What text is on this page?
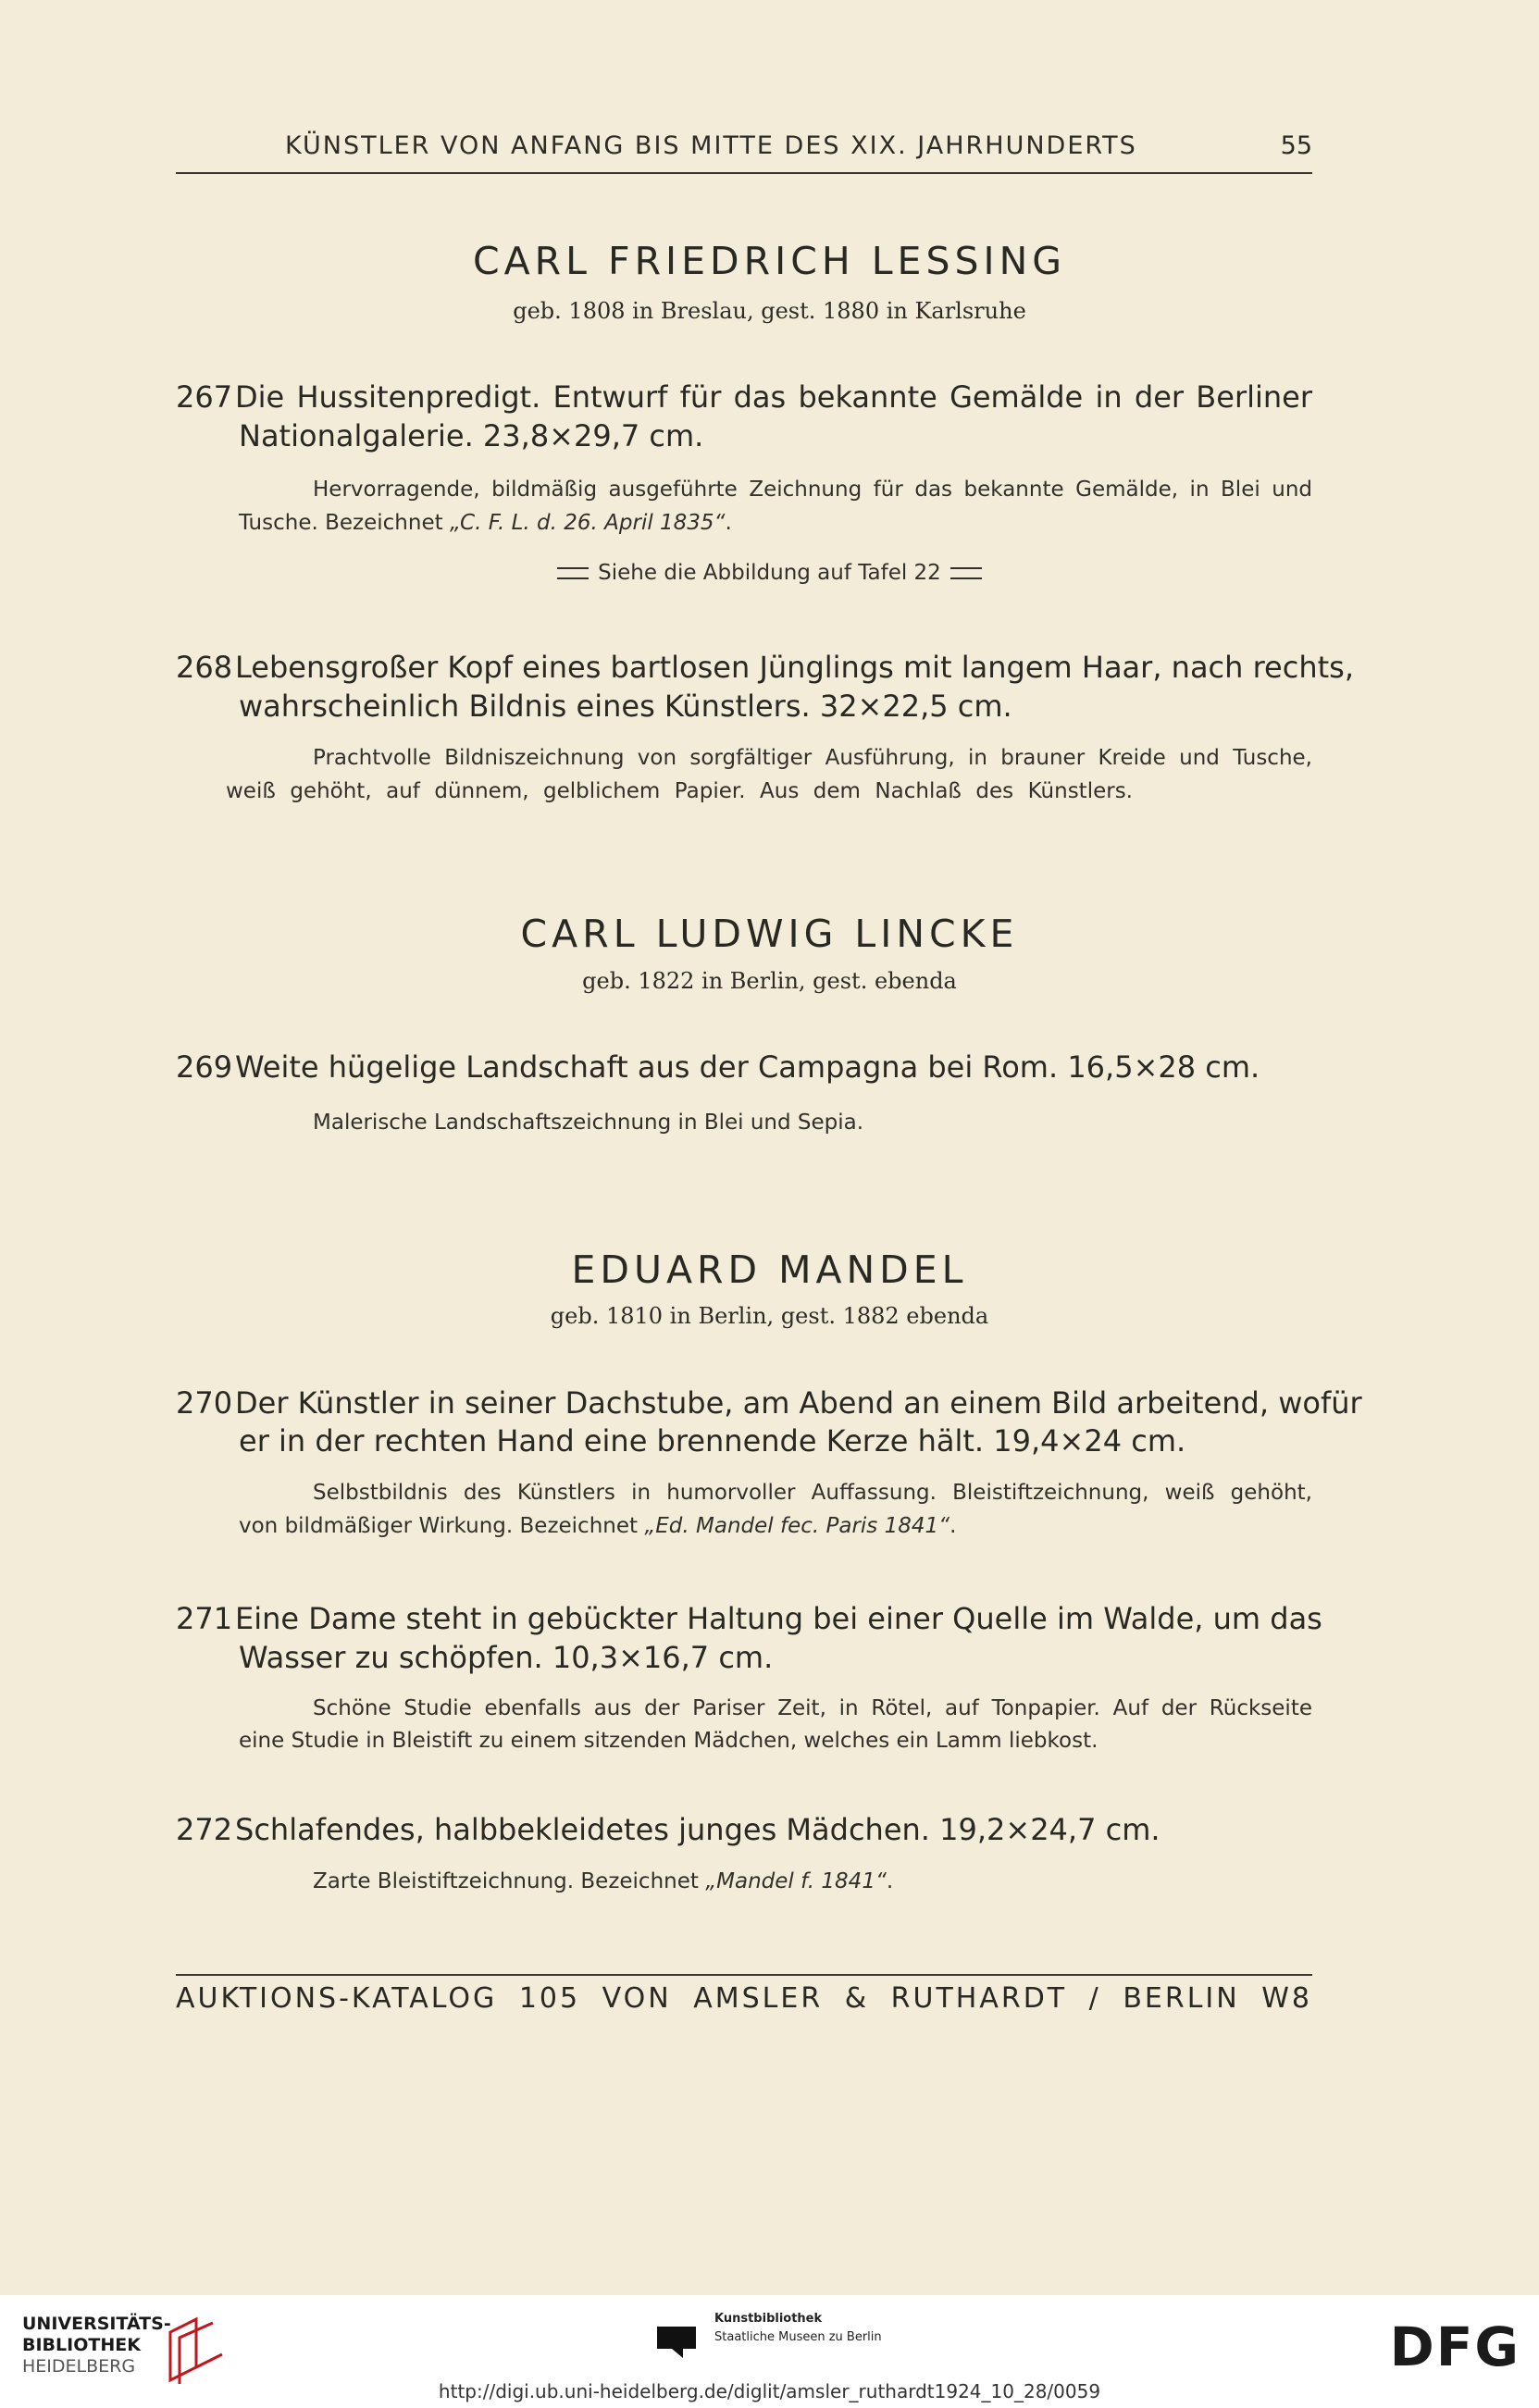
KÜNSTLER VON ANFANG BIS MITTE DES XIX. JAHRHUNDERTS	55
CARL FRIEDRICH LESSING
geb. 1808 in Breslau, gest. 1880 in Karlsruhe
267Die Hussitenpredigt. Entwurf für das bekannte Gemälde in der Berliner
Nationalgalerie. 23,8×29,7 cm.
Hervorragende, bildmäßig ausgeführte Zeichnung für das bekannte Gemälde, in Blei und
Tusche. Bezeichnet „C. F. L. d. 26. April 1835“.
Siehe die Abbildung auf Tafel 22
268Lebensgroßer Kopf eines bartlosen Jünglings mit langem Haar, nach rechts,
wahrscheinlich Bildnis eines Künstlers. 32×22,5 cm.
Prachtvolle Bildniszeichnung von sorgfältiger Ausführung, in brauner Kreide und Tusche,
weiß gehöht, auf dünnem, gelblichem Papier. Aus dem Nachlaß des Künstlers.
CARL LUDWIG LINCKE
geb. 1822 in Berlin, gest. ebenda
269Weite hügelige Landschaft aus der Campagna bei Rom. 16,5×28 cm.
Malerische Landschaftszeichnung in Blei und Sepia.
EDUARD MANDEL
geb. 1810 in Berlin, gest. 1882 ebenda
270Der Künstler in seiner Dachstube, am Abend an einem Bild arbeitend, wofür
er in der rechten Hand eine brennende Kerze hält. 19,4×24 cm.
Selbstbildnis des Künstlers in humorvoller Auffassung. Bleistiftzeichnung, weiß gehöht,
von bildmäßiger Wirkung. Bezeichnet „Ed. Mandel fec. Paris 1841“.
271Eine Dame steht in gebückter Haltung bei einer Quelle im Walde, um das
Wasser zu schöpfen. 10,3×16,7 cm.
Schöne Studie ebenfalls aus der Pariser Zeit, in Rötel, auf Tonpapier. Auf der Rückseite
eine Studie in Bleistift zu einem sitzenden Mädchen, welches ein Lamm liebkost.
272Schlafendes, halbbekleidetes junges Mädchen. 19,2×24,7 cm.
Zarte Bleistiftzeichnung. Bezeichnet „Mandel f. 1841“.
AUKTIONS-KATALOG 105 VON AMSLER & RUTHARDT / BERLIN W8
UNIVERSITÄTS-
BIBLIOTHEK
HEIDELBERG
Kunstbibliothek
Staatliche Museen zu Berlin	DFG
http://digi.ub.uni-heidelberg.de/diglit/amsler_ruthardt1924_10_28/0059
